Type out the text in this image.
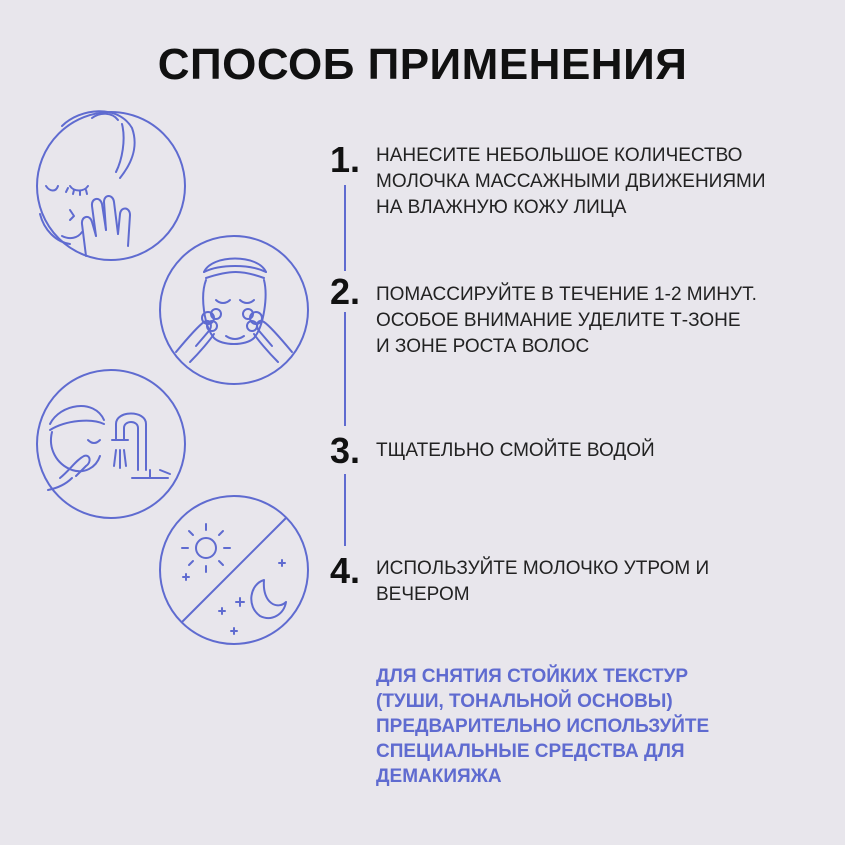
СПОСОБ ПРИМЕНЕНИЯ
1. НАНЕСИТЕ НЕБОЛЬШОЕ КОЛИЧЕСТВО
МОЛОЧКА МАССАЖНЫМИ ДВИЖЕНИЯМИ
НА ВЛАЖНУЮ КОЖУ ЛИЦА
2. ПОМАССИРУЙТЕ В ТЕЧЕНИЕ 1-2 МИНУТ.
ОСОБОЕ ВНИМАНИЕ УДЕЛИТЕ Т-ЗОНЕ
И ЗОНЕ РОСТА ВОЛОС
3. ТЩАТЕЛЬНО СМОЙТЕ ВОДОЙ
4. ИСПОЛЬЗУЙТЕ МОЛОЧКО УТРОМ И
ВЕЧЕРОМ
ДЛЯ СНЯТИЯ СТОЙКИХ ТЕКСТУР
(ТУШИ, ТОНАЛЬНОЙ ОСНОВЫ)
ПРЕДВАРИТЕЛЬНО ИСПОЛЬЗУЙТЕ
СПЕЦИАЛЬНЫЕ СРЕДСТВА ДЛЯ
ДЕМАКИЯЖА
